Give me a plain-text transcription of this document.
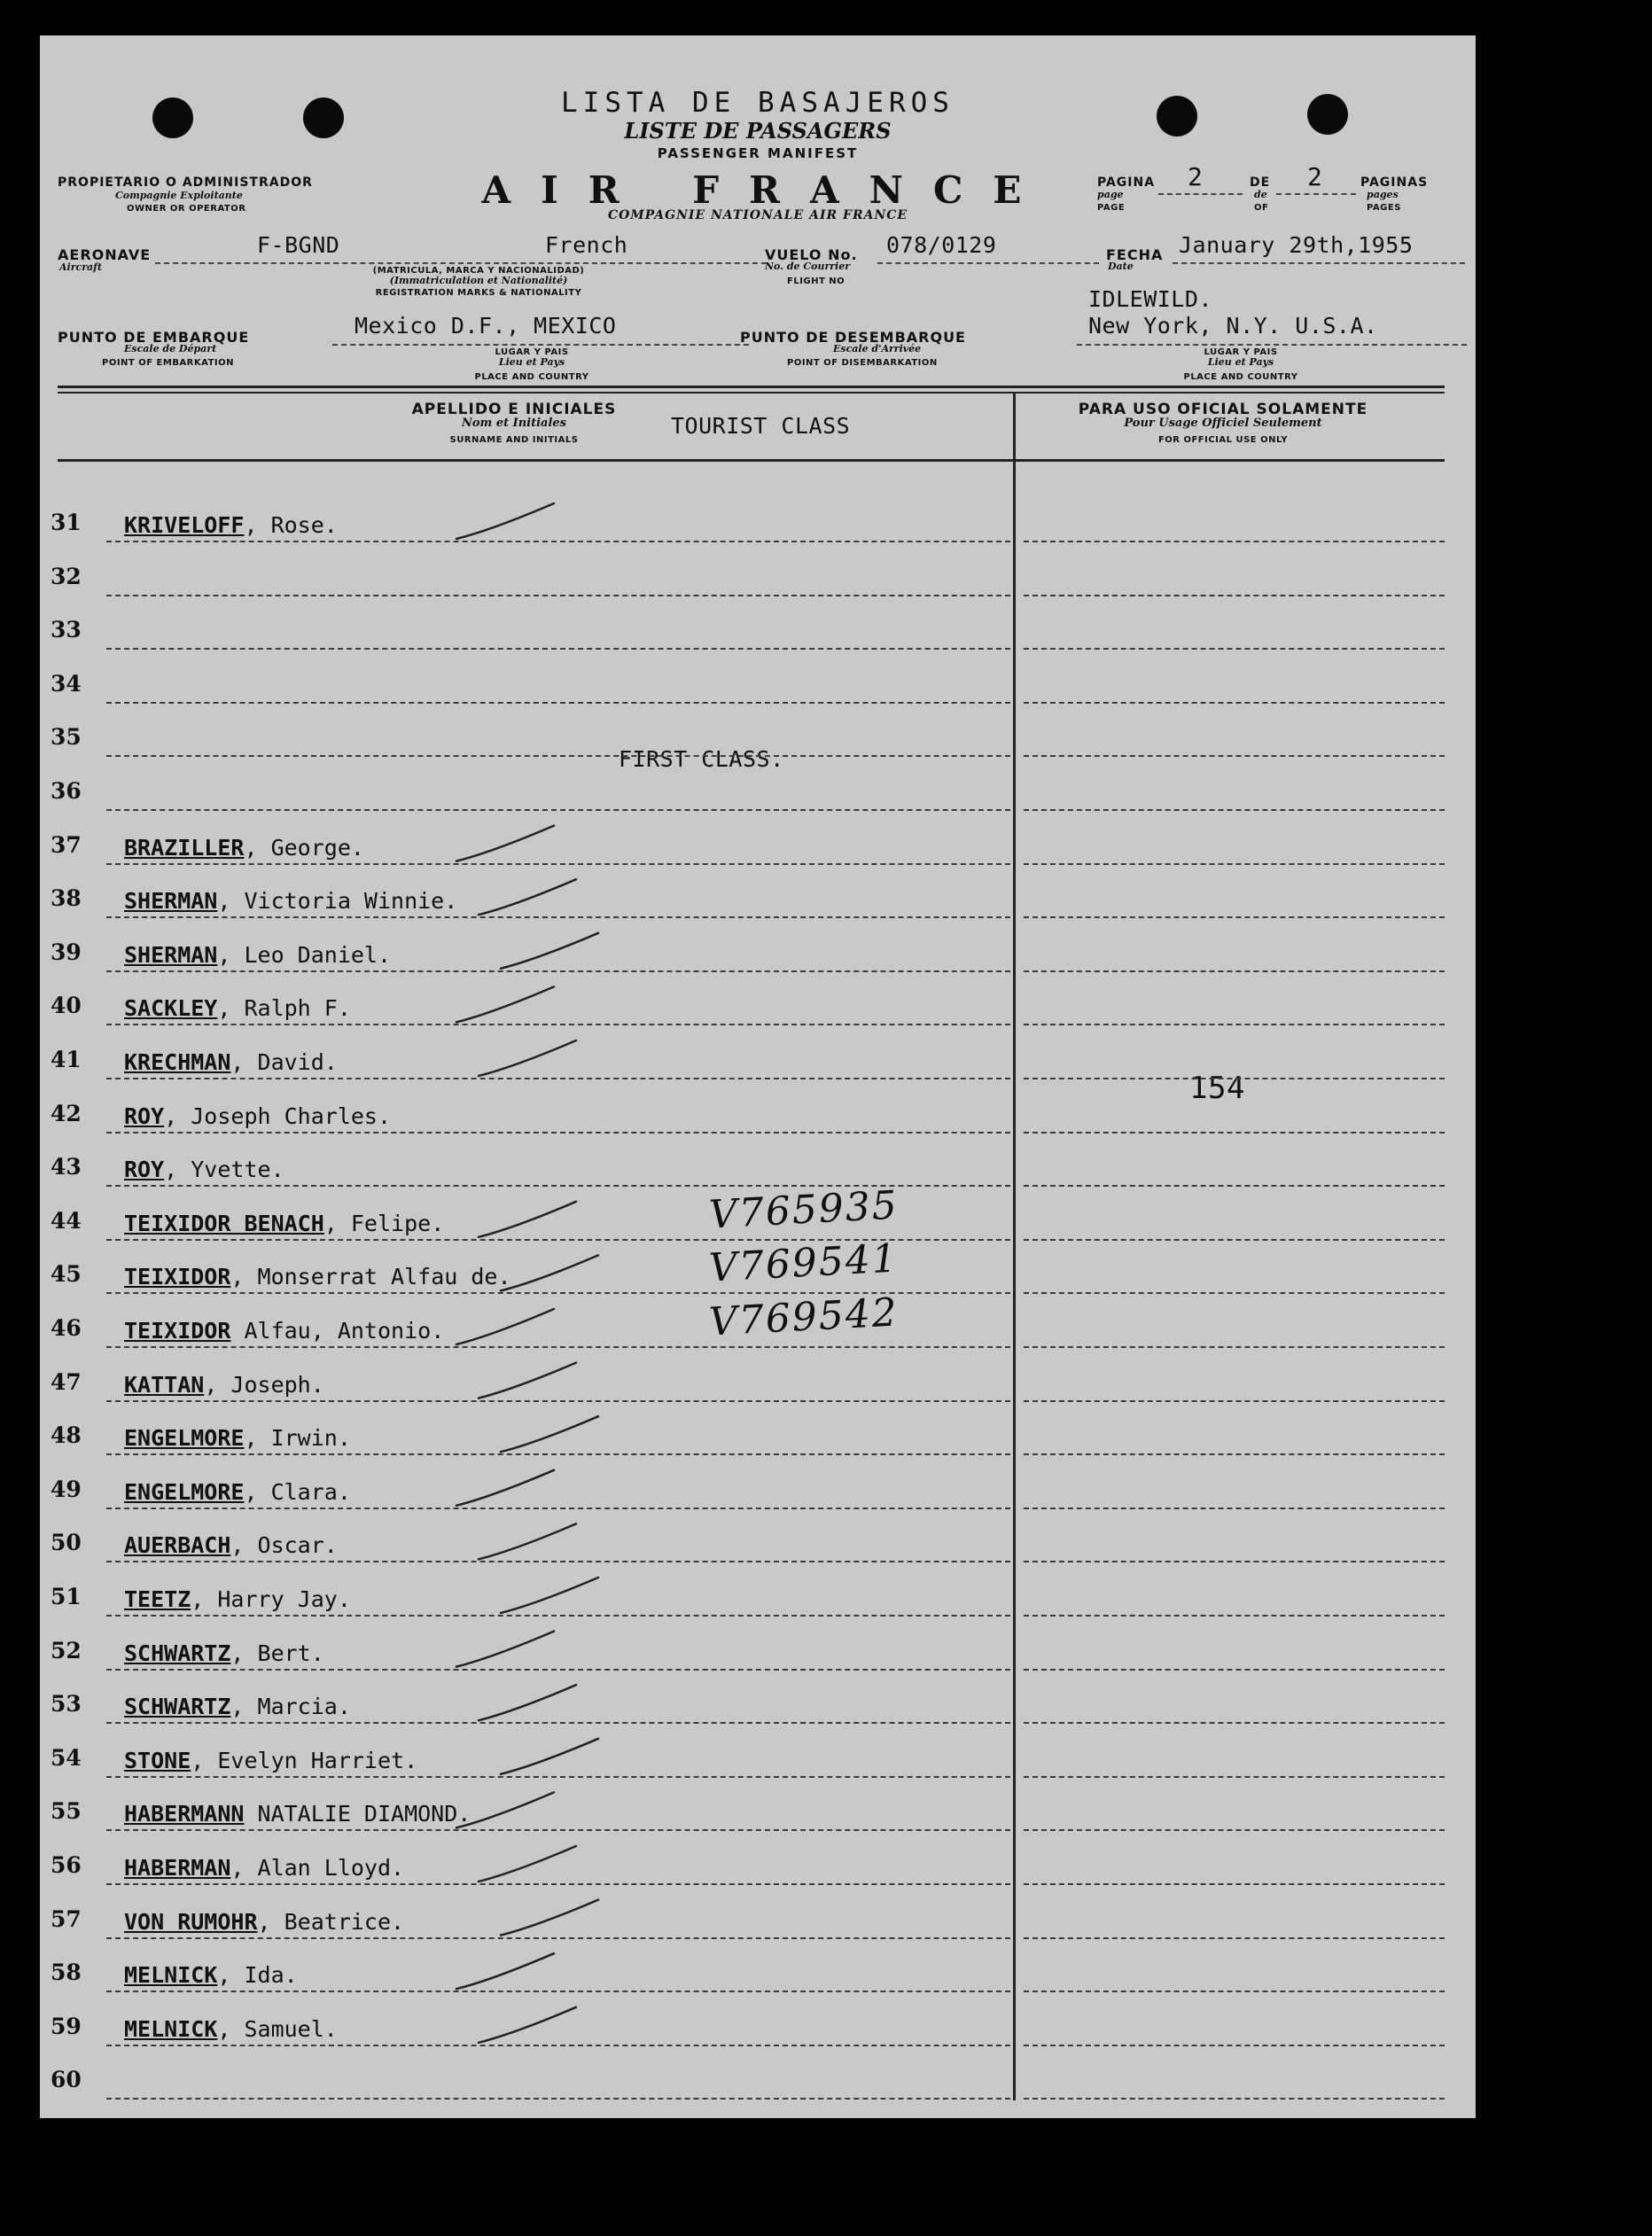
LISTA DE BASAJEROS
LISTE DE PASSAGERS
PASSENGER MANIFEST
AIR FRANCE
COMPAGNIE NATIONALE AIR FRANCE
PROPIETARIO O ADMINISTRADOR
Compagnie Exploitante
OWNER OR OPERATOR
PAGINA
page
PAGE
2	DE
de
OF
2	PAGINAS
pages
PAGES
AERONAVE
Aircraft
F-BGND	French
(MATRICULA, MARCA Y NACIONALIDAD)
(Immatriculation et Nationalité)
REGISTRATION MARKS & NATIONALITY
VUELO No.
No. de Courrier
FLIGHT NO
078/0129	FECHA
Date
January 29th,1955
PUNTO DE EMBARQUE
Escale de Départ
POINT OF EMBARKATION
Mexico D.F., MEXICO
LUGAR Y PAIS
Lieu et Pays
PLACE AND COUNTRY
PUNTO DE DESEMBARQUE
Escale d'Arrivée
POINT OF DISEMBARKATION
IDLEWILD.
New York, N.Y. U.S.A.
LUGAR Y PAIS
Lieu et Pays
PLACE AND COUNTRY
APELLIDO E INICIALES
Nom et Initiales
SURNAME AND INITIALS
TOURIST CLASS
PARA USO OFICIAL SOLAMENTE
Pour Usage Officiel Seulement
FOR OFFICIAL USE ONLY
FIRST CLASS.
154
31 KRIVELOFF, Rose.
32
33
34
35
36
37 BRAZILLER, George.
38 SHERMAN, Victoria Winnie.
39 SHERMAN, Leo Daniel.
40 SACKLEY, Ralph F.
41 KRECHMAN, David.
42 ROY, Joseph Charles.
43 ROY, Yvette.
44 TEIXIDOR BENACH, Felipe.	V765935
45 TEIXIDOR, Monserrat Alfau de.	V769541
46 TEIXIDOR Alfau, Antonio.	V769542
47 KATTAN, Joseph.
48 ENGELMORE, Irwin.
49 ENGELMORE, Clara.
50 AUERBACH, Oscar.
51 TEETZ, Harry Jay.
52 SCHWARTZ, Bert.
53 SCHWARTZ, Marcia.
54 STONE, Evelyn Harriet.
55 HABERMANN NATALIE DIAMOND.
56 HABERMAN, Alan Lloyd.
57 VON RUMOHR, Beatrice.
58 MELNICK, Ida.
59 MELNICK, Samuel.
60
